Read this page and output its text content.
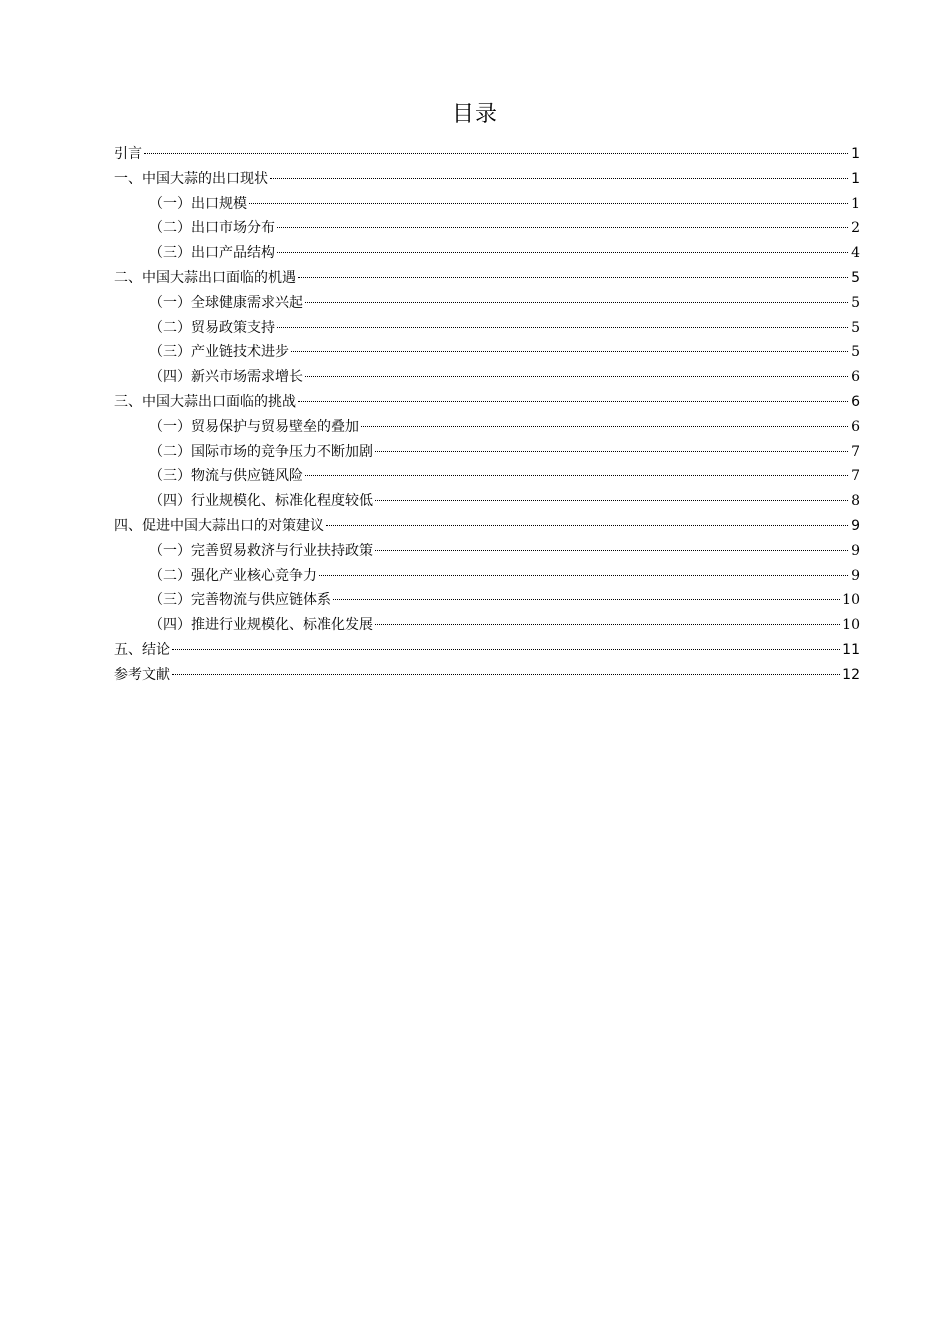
目录
引言	1
一、中国大蒜的出口现状	1
（一）出口规模	1
（二）出口市场分布	2
（三）出口产品结构	4
二、中国大蒜出口面临的机遇	5
（一）全球健康需求兴起	5
（二）贸易政策支持	5
（三）产业链技术进步	5
（四）新兴市场需求增长	6
三、中国大蒜出口面临的挑战	6
（一）贸易保护与贸易壁垒的叠加	6
（二）国际市场的竞争压力不断加剧	7
（三）物流与供应链风险	7
（四）行业规模化、标准化程度较低	8
四、促进中国大蒜出口的对策建议	9
（一）完善贸易救济与行业扶持政策	9
（二）强化产业核心竞争力	9
（三）完善物流与供应链体系	10
（四）推进行业规模化、标准化发展	10
五、结论	11
参考文献	12
